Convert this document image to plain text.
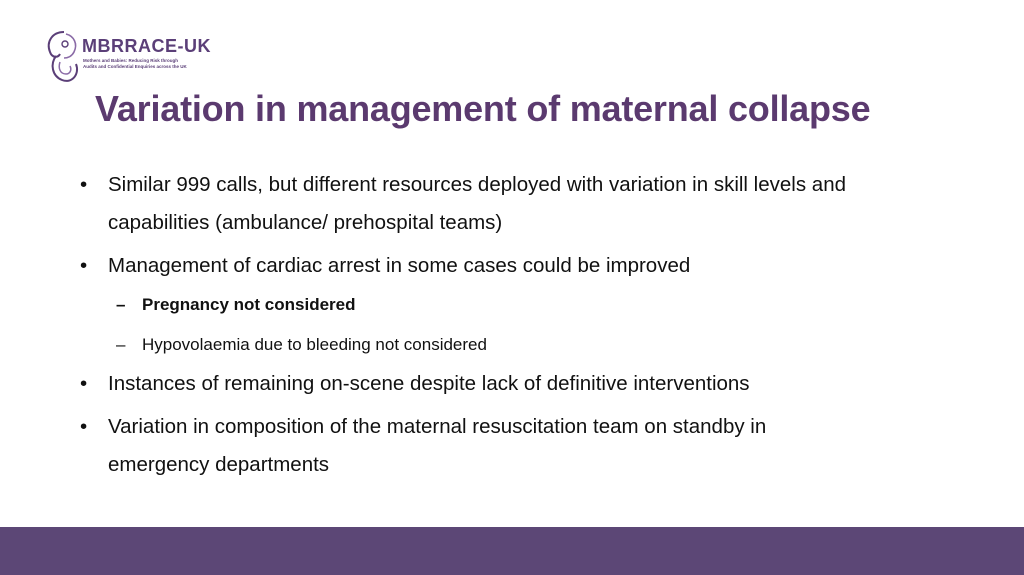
MBRRACE-UK
Mothers and Babies: Reducing Risk through
Audits and Confidential Enquiries across the UK
Variation in management of maternal collapse
• Similar 999 calls, but different resources deployed with variation in skill levels and
capabilities (ambulance/ prehospital teams)
• Management of cardiac arrest in some cases could be improved
– Pregnancy not considered
– Hypovolaemia due to bleeding not considered
• Instances of remaining on-scene despite lack of definitive interventions
• Variation in composition of the maternal resuscitation team on standby in
emergency departments
